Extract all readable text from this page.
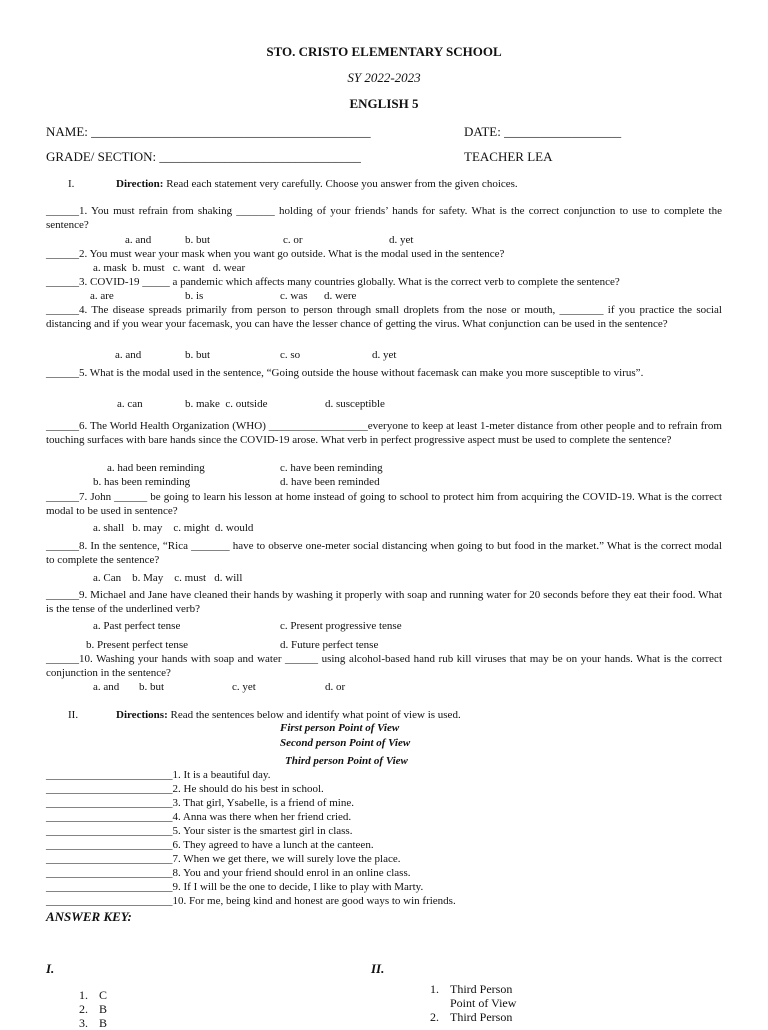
STO. CRISTO ELEMENTARY SCHOOL
SY 2022-2023
ENGLISH 5
NAME: ___________________________________________	DATE: __________________
GRADE/ SECTION: _______________________________	TEACHER LEA
I.	Direction: Read each statement very carefully. Choose you answer from the given choices.
______1. You must refrain from shaking _______ holding of your friends’ hands for safety. What is the correct conjunction to use to complete the sentence?
a. and	b. but	c. or	d. yet
______2. You must wear your mask when you want go outside. What is the modal used in the sentence?
a. mask  b. must   c. want   d. wear
______3. COVID-19 _____ a pandemic which affects many countries globally. What is the correct verb to complete the sentence?
a. are	b. is	c. was d. were
______4. The disease spreads primarily from person to person through small droplets from the nose or mouth, ________ if you practice the social distancing and if you wear your facemask, you can have the lesser chance of getting the virus. What conjunction can be used in the sentence?
a. and	b. but	c. so	d. yet
______5. What is the modal used in the sentence, “Going outside the house without facemask can make you more susceptible to virus”.
a. can	b. make  c. outside	d. susceptible
______6. The World Health Organization (WHO) __________________everyone to keep at least 1-meter distance from other people and to refrain from touching surfaces with bare hands since the COVID-19 arose. What verb in perfect progressive aspect must be used to complete the sentence?
a. had been reminding	c. have been reminding
b. has been reminding	d. have been reminded
______7. John ______ be going to learn his lesson at home instead of going to school to protect him from acquiring the COVID-19. What is the correct modal to be used in sentence?
a. shall   b. may    c. might  d. would
______8. In the sentence, “Rica _______ have to observe one-meter social distancing when going to but food in the market.” What is the correct modal to complete the sentence?
a. Can    b. May    c. must   d. will
______9. Michael and Jane have cleaned their hands by washing it properly with soap and running water for 20 seconds before they eat their food. What is the tense of the underlined verb?
a. Past perfect tense	c. Present progressive tense
b. Present perfect tense	d. Future perfect tense
______10. Washing your hands with soap and water ______ using alcohol-based hand rub kill viruses that may be on your hands. What is the correct conjunction in the sentence?
a. and b. but	c. yet	d. or
II.	Directions: Read the sentences below and identify what point of view is used.
First person Point of View
Second person Point of View
Third person Point of View
_______________________1. It is a beautiful day.
_______________________2. He should do his best in school.
_______________________3. That girl, Ysabelle, is a friend of mine.
_______________________4. Anna was there when her friend cried.
_______________________5. Your sister is the smartest girl in class.
_______________________6. They agreed to have a lunch at the canteen.
_______________________7. When we get there, we will surely love the place.
_______________________8. You and your friend should enrol in an online class.
_______________________9. If I will be the one to decide, I like to play with Marty.
_______________________10. For me, being kind and honest are good ways to win friends.
ANSWER KEY:
I.	II.
1. C
2. B
3. B
1. Third Person
Point of View
2. Third Person
